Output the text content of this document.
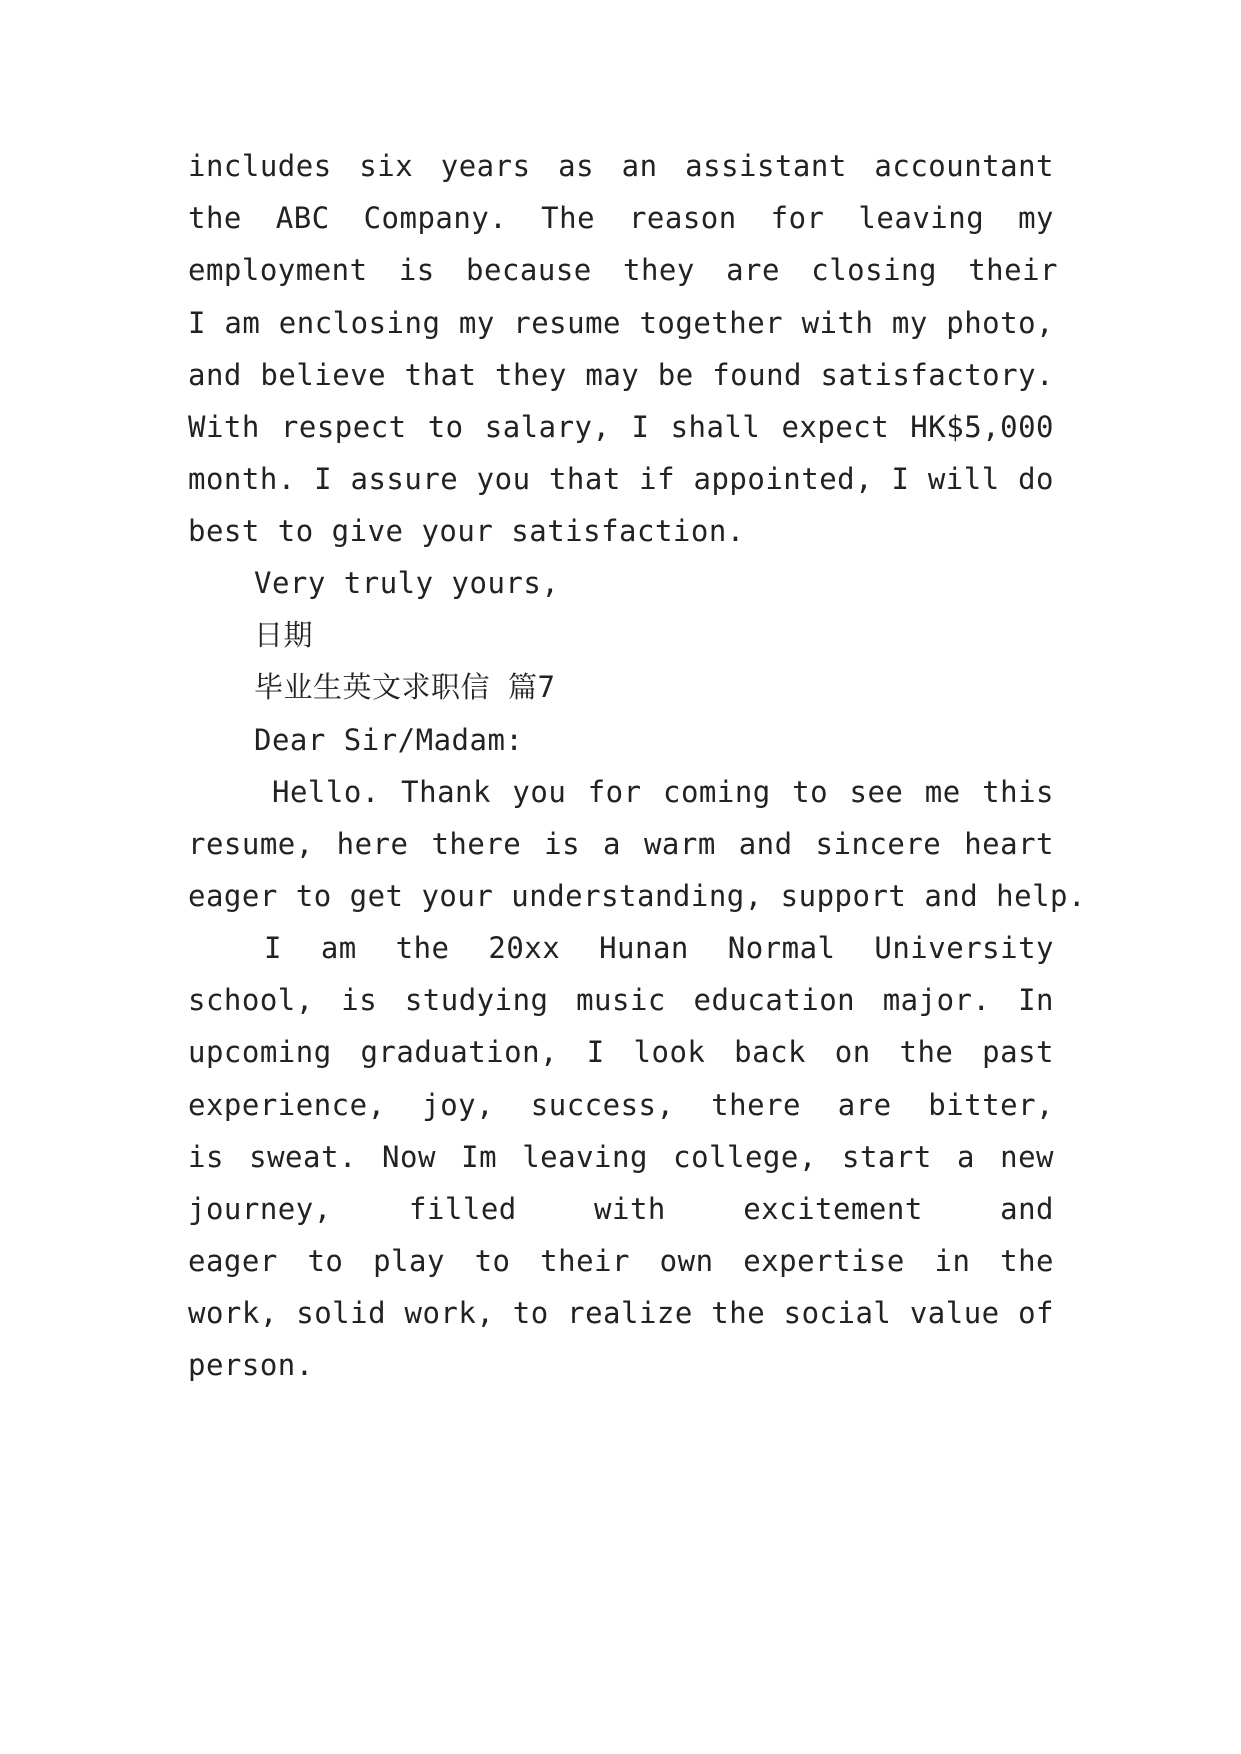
includes six years as an assistant accountant
the ABC Company. The reason for leaving my
employment is because they are closing their
I am enclosing my resume together with my photo,
and believe that they may be found satisfactory.
With respect to salary, I shall expect HK$5,000
month. I assure you that if appointed, I will do
best to give your satisfaction.
Very truly yours,
日期
毕业生英文求职信 篇7
Dear Sir/Madam:
Hello. Thank you for coming to see me this
resume, here there is a warm and sincere heart
eager to get your understanding, support and help.
I am the 20xx Hunan Normal University
school, is studying music education major. In
upcoming graduation, I look back on the past
experience, joy, success, there are bitter,
is sweat. Now Im leaving college, start a new
journey, filled with excitement and
eager to play to their own expertise in the
work, solid work, to realize the social value of
person.
